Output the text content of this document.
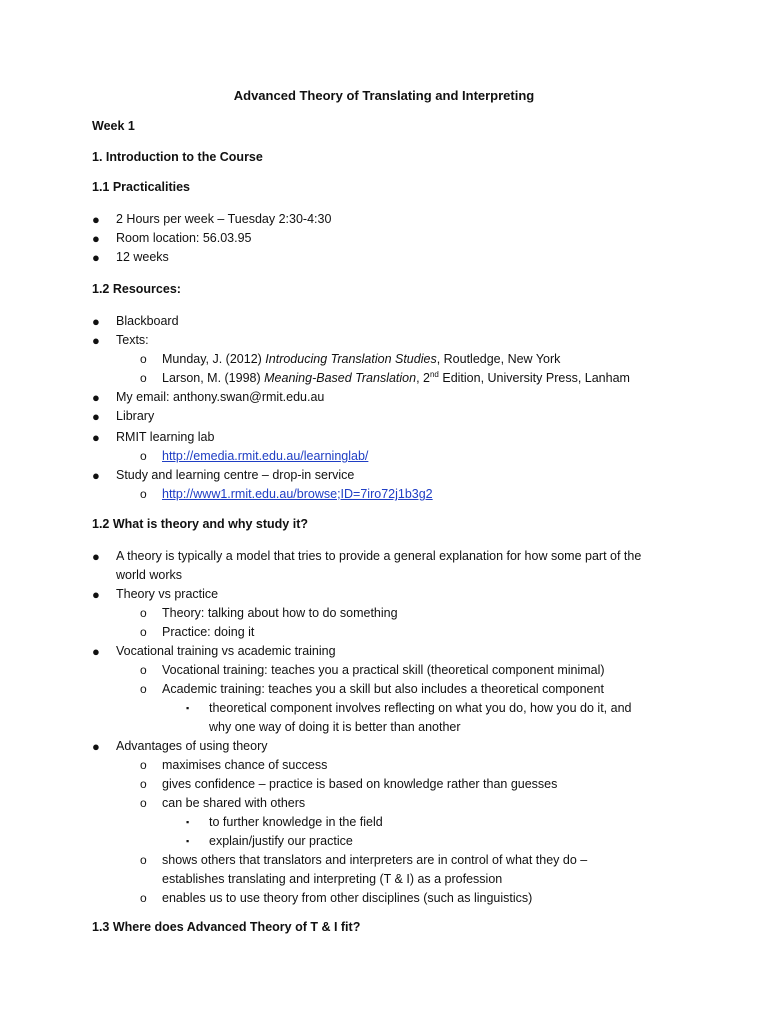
Advanced Theory of Translating and Interpreting
Week 1
1. Introduction to the Course
1.1 Practicalities
● 2 Hours per week – Tuesday 2:30-4:30
● Room location: 56.03.95
● 12 weeks
1.2 Resources:
● Blackboard
● Texts:
o Munday, J. (2012) Introducing Translation Studies, Routledge, New York
o Larson, M. (1998) Meaning-Based Translation, 2nd Edition, University Press, Lanham
● My email: anthony.swan@rmit.edu.au
● Library
● RMIT learning lab
o http://emedia.rmit.edu.au/learninglab/
● Study and learning centre – drop-in service
o http://www1.rmit.edu.au/browse;ID=7iro72j1b3g2
1.2 What is theory and why study it?
● A theory is typically a model that tries to provide a general explanation for how some part of the
world works
● Theory vs practice
o Theory: talking about how to do something
o Practice: doing it
● Vocational training vs academic training
o Vocational training: teaches you a practical skill (theoretical component minimal)
o Academic training: teaches you a skill but also includes a theoretical component
▪ theoretical component involves reflecting on what you do, how you do it, and
why one way of doing it is better than another
● Advantages of using theory
o maximises chance of success
o gives confidence – practice is based on knowledge rather than guesses
o can be shared with others
▪ to further knowledge in the field
▪ explain/justify our practice
o shows others that translators and interpreters are in control of what they do –
establishes translating and interpreting (T & I) as a profession
o enables us to use theory from other disciplines (such as linguistics)
1.3 Where does Advanced Theory of T & I fit?
